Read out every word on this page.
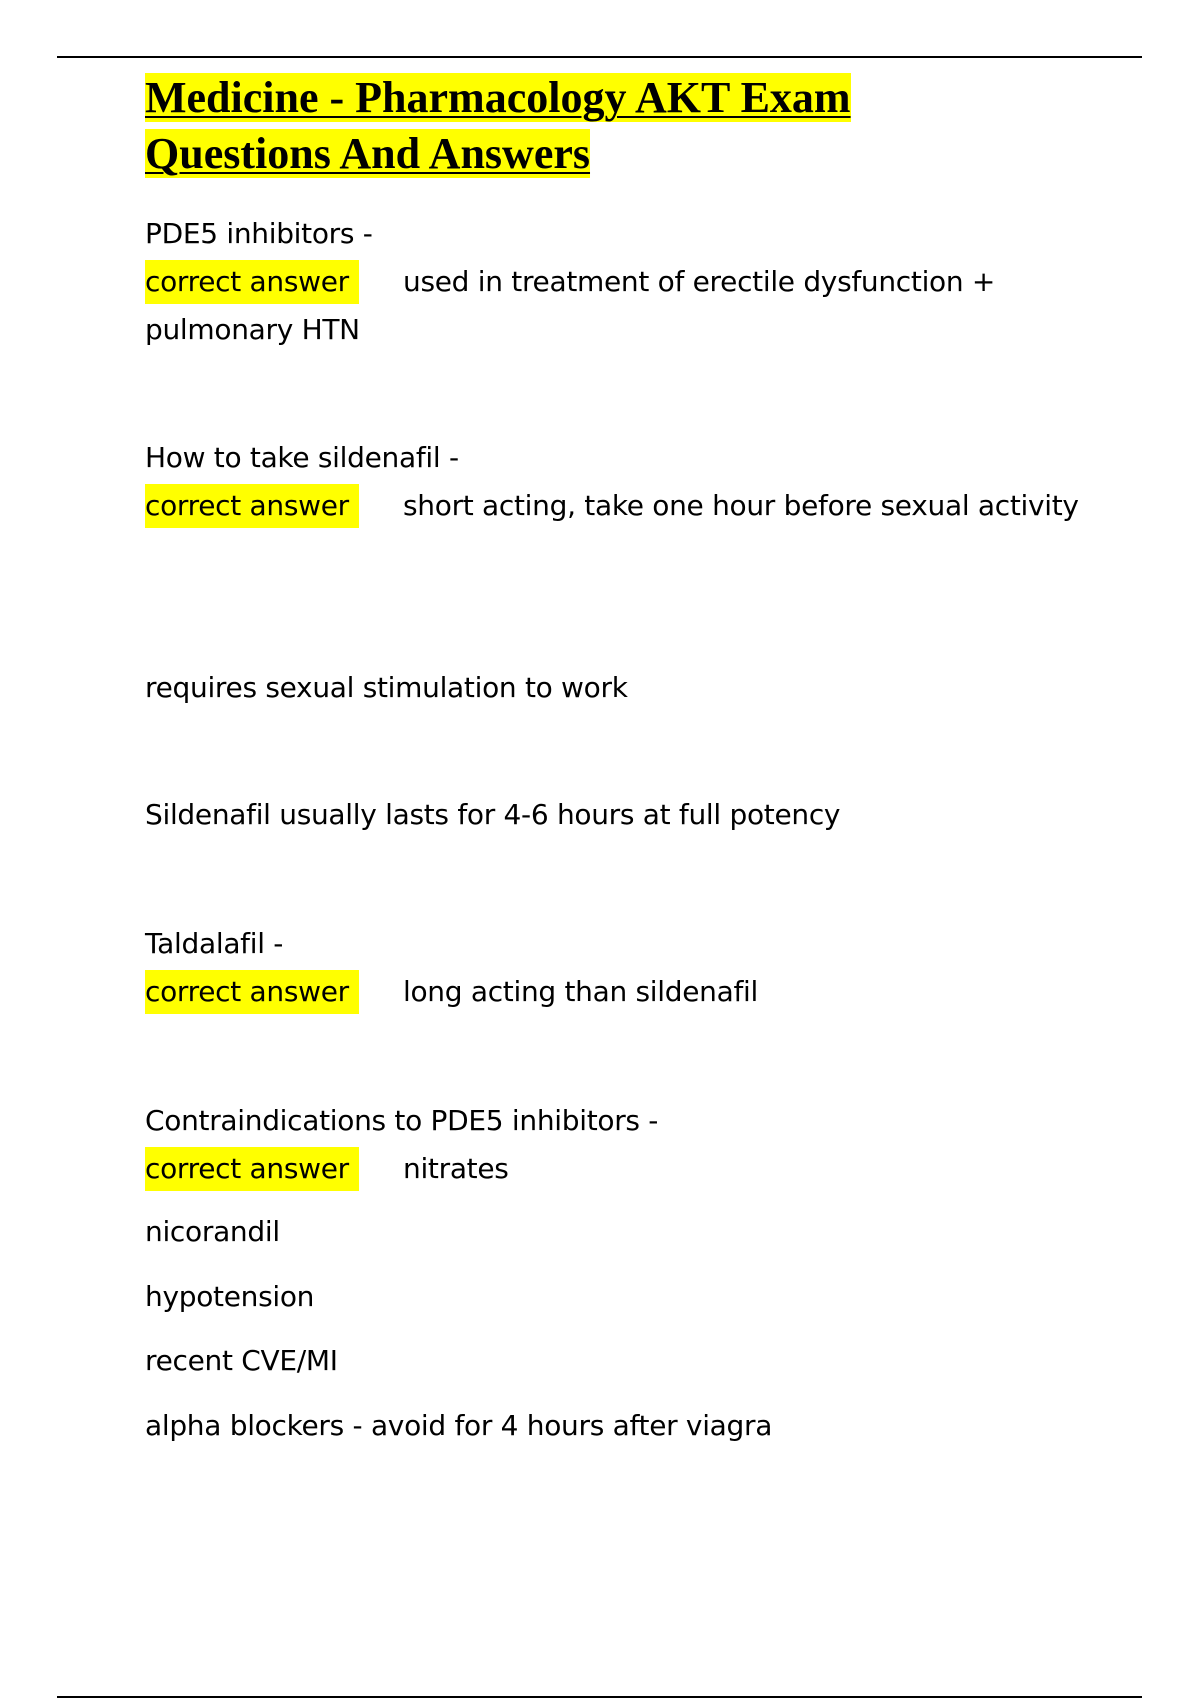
Medicine - Pharmacology AKT Exam
Questions And Answers
PDE5 inhibitors -
correct answer	used in treatment of erectile dysfunction +
pulmonary HTN
How to take sildenafil -
correct answer	short acting, take one hour before sexual activity
requires sexual stimulation to work
Sildenafil usually lasts for 4-6 hours at full potency
Taldalafil -
correct answer	long acting than sildenafil
Contraindications to PDE5 inhibitors -
correct answer	nitrates
nicorandil
hypotension
recent CVE/MI
alpha blockers - avoid for 4 hours after viagra
